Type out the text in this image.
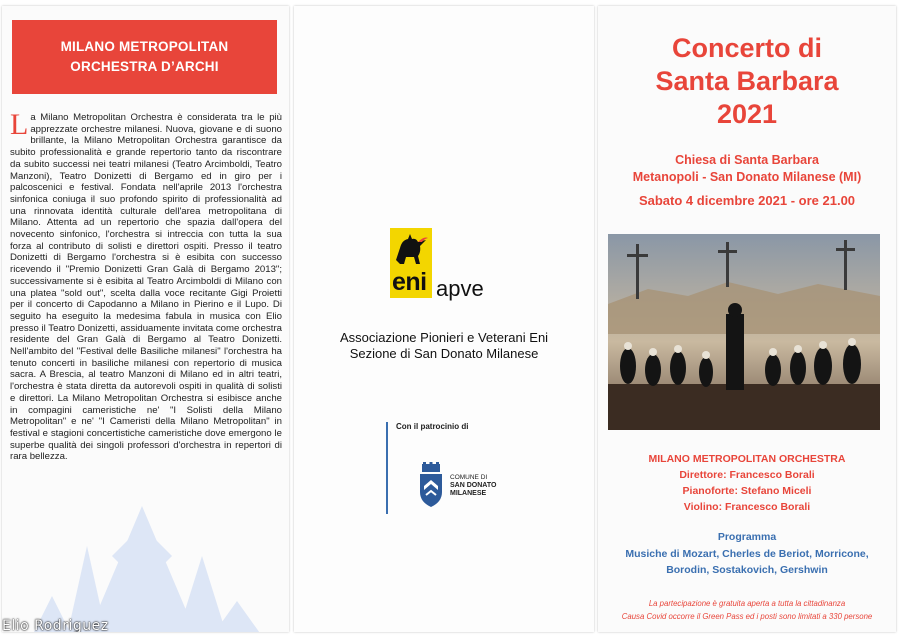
MILANO METROPOLITAN
ORCHESTRA D’ARCHI
La Milano Metropolitan Orchestra è considerata tra le più apprezzate orchestre milanesi. Nuova, giovane e di suono brillante, la Milano Metropolitan Orchestra garantisce da subito professionalità e grande repertorio tanto da riscontrare da subito successi nei teatri milanesi (Teatro Arcimboldi, Teatro Manzoni), Teatro Donizetti di Bergamo ed in giro per i palcoscenici e festival. Fondata nell'aprile 2013 l'orchestra sinfonica coniuga il suo profondo spirito di professionalità ad una rinnovata identità culturale dell'area metropolitana di Milano. Attenta ad un repertorio che spazia dall'opera del novecento sinfonico, l'orchestra si intreccia con tutta la sua forza al contributo di solisti e direttori ospiti. Presso il teatro Donizetti di Bergamo l'orchestra si è esibita con successo ricevendo il "Premio Donizetti Gran Galà di Bergamo 2013"; successivamente si è esibita al Teatro Arcimboldi di Milano con una platea "sold out", scelta dalla voce recitante Gigi Proietti per il concerto di Capodanno a Milano in Pierino e il Lupo. Di seguito ha eseguito la medesima fabula in musica con Elio presso il Teatro Donizetti, assiduamente invitata come orchestra residente del Gran Galà di Bergamo al Teatro Donizetti. Nell'ambito del "Festival delle Basiliche milanesi" l'orchestra ha tenuto concerti in basiliche milanesi con repertorio di musica sacra. A Brescia, al teatro Manzoni di Milano ed in altri teatri, l'orchestra è stata diretta da autorevoli ospiti in qualità di solisti e direttori. La Milano Metropolitan Orchestra si esibisce anche in compagini cameristiche ne' "I Solisti della Milano Metropolitan" e ne' "I Cameristi della Milano Metropolitan" in festival e stagioni concertistiche cameristiche dove emergono le superbe qualità dei singoli professori d'orchestra in repertori di rara bellezza.
Elio Rodriguez
eni apve
Associazione Pionieri e Veterani Eni
Sezione di San Donato Milanese
Con il patrocinio di
COMUNE DI
SAN DONATO
MILANESE
Concerto di
Santa Barbara
2021
Chiesa di Santa Barbara
Metanopoli - San Donato Milanese (MI)
Sabato 4 dicembre 2021 - ore 21.00
MILANO METROPOLITAN ORCHESTRA
Direttore: Francesco Borali
Pianoforte: Stefano Miceli
Violino: Francesco Borali
Programma
Musiche di Mozart, Cherles de Beriot, Morricone,
Borodin, Sostakovich, Gershwin
La partecipazione è gratuita aperta a tutta la cittadinanza
Causa Covid occorre il Green Pass ed i posti sono limitati a 330 persone
